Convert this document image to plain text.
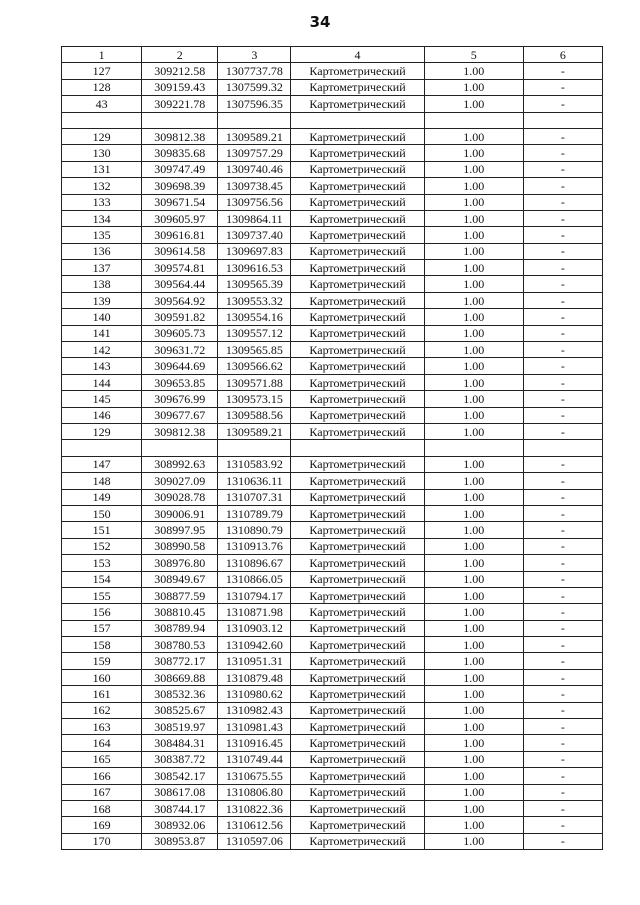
34
1	2	3	4	5	6
127	309212.58	1307737.78	Картометрический	1.00	-
128	309159.43	1307599.32	Картометрический	1.00	-
43	309221.78	1307596.35	Картометрический	1.00	-

129	309812.38	1309589.21	Картометрический	1.00	-
130	309835.68	1309757.29	Картометрический	1.00	-
131	309747.49	1309740.46	Картометрический	1.00	-
132	309698.39	1309738.45	Картометрический	1.00	-
133	309671.54	1309756.56	Картометрический	1.00	-
134	309605.97	1309864.11	Картометрический	1.00	-
135	309616.81	1309737.40	Картометрический	1.00	-
136	309614.58	1309697.83	Картометрический	1.00	-
137	309574.81	1309616.53	Картометрический	1.00	-
138	309564.44	1309565.39	Картометрический	1.00	-
139	309564.92	1309553.32	Картометрический	1.00	-
140	309591.82	1309554.16	Картометрический	1.00	-
141	309605.73	1309557.12	Картометрический	1.00	-
142	309631.72	1309565.85	Картометрический	1.00	-
143	309644.69	1309566.62	Картометрический	1.00	-
144	309653.85	1309571.88	Картометрический	1.00	-
145	309676.99	1309573.15	Картометрический	1.00	-
146	309677.67	1309588.56	Картометрический	1.00	-
129	309812.38	1309589.21	Картометрический	1.00	-

147	308992.63	1310583.92	Картометрический	1.00	-
148	309027.09	1310636.11	Картометрический	1.00	-
149	309028.78	1310707.31	Картометрический	1.00	-
150	309006.91	1310789.79	Картометрический	1.00	-
151	308997.95	1310890.79	Картометрический	1.00	-
152	308990.58	1310913.76	Картометрический	1.00	-
153	308976.80	1310896.67	Картометрический	1.00	-
154	308949.67	1310866.05	Картометрический	1.00	-
155	308877.59	1310794.17	Картометрический	1.00	-
156	308810.45	1310871.98	Картометрический	1.00	-
157	308789.94	1310903.12	Картометрический	1.00	-
158	308780.53	1310942.60	Картометрический	1.00	-
159	308772.17	1310951.31	Картометрический	1.00	-
160	308669.88	1310879.48	Картометрический	1.00	-
161	308532.36	1310980.62	Картометрический	1.00	-
162	308525.67	1310982.43	Картометрический	1.00	-
163	308519.97	1310981.43	Картометрический	1.00	-
164	308484.31	1310916.45	Картометрический	1.00	-
165	308387.72	1310749.44	Картометрический	1.00	-
166	308542.17	1310675.55	Картометрический	1.00	-
167	308617.08	1310806.80	Картометрический	1.00	-
168	308744.17	1310822.36	Картометрический	1.00	-
169	308932.06	1310612.56	Картометрический	1.00	-
170	308953.87	1310597.06	Картометрический	1.00	-
